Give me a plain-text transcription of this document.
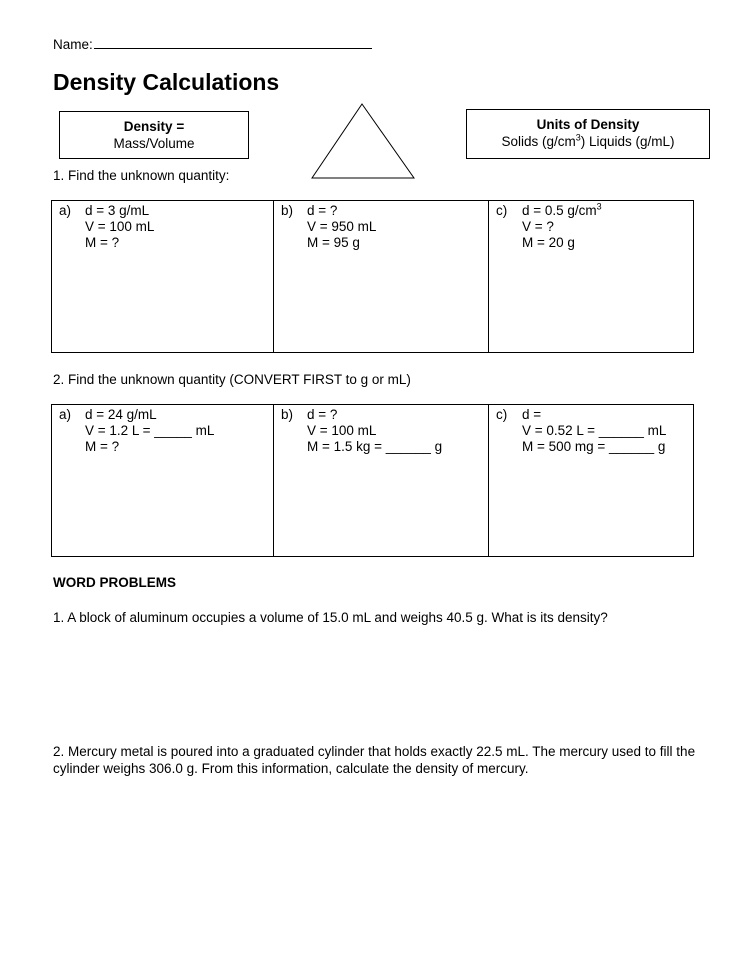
Name:
Density Calculations
Density =
Mass/Volume
Units of Density
Solids $(g/cm^3)$ Liquids (g/mL)
1. Find the unknown quantity:
a)	d = 3 g/mL
V = 100 mL
M = ?
b)	d = ?
V = 950 mL
M = 95 g
c)	d = 0.5 $g/cm^3$
V = ?
M = 20 g
2. Find the unknown quantity (CONVERT FIRST to g or mL)
a)	d = 24 g/mL
V = 1.2 L = _____ mL
M = ?
b)	d = ?
V = 100 mL
M = 1.5 kg = ______ g
c)	d =
V = 0.52 L = ______ mL
M = 500 mg = ______ g
WORD PROBLEMS
1. A block of aluminum occupies a volume of 15.0 mL and weighs 40.5 g. What is its density?
2. Mercury metal is poured into a graduated cylinder that holds exactly 22.5 mL. The mercury used to fill the cylinder weighs 306.0 g. From this information, calculate the density of mercury.
